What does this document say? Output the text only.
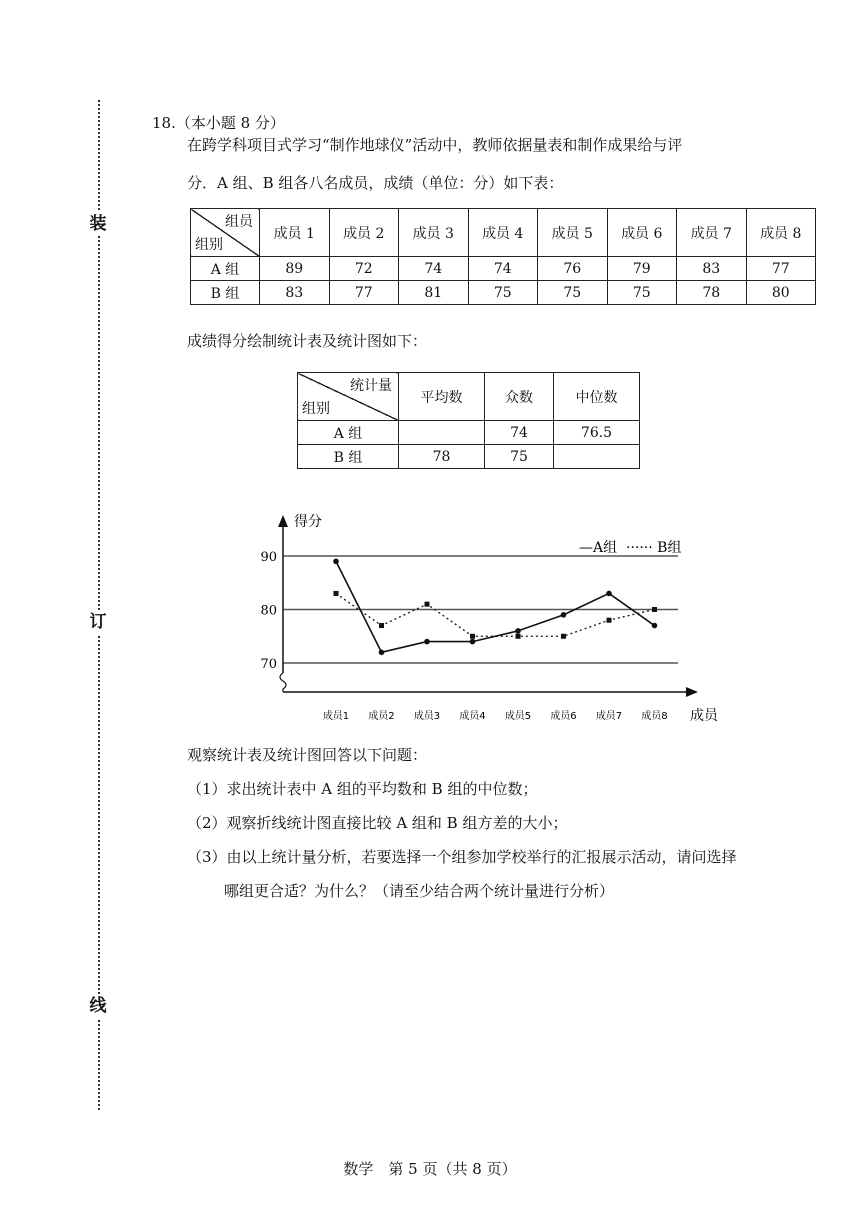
装
订
线
18.（本小题 8 分）
在跨学科项目式学习“制作地球仪”活动中，教师依据量表和制作成果给与评
分．A 组、B 组各八名成员，成绩（单位：分）如下表：
组员
组别	成员 1	成员 2	成员 3	成员 4	成员 5	成员 6	成员 7	成员 8
A 组	89	72	74	74	76	79	83	77
B 组	83	77	81	75	75	75	78	80
成绩得分绘制统计表及统计图如下：
统计量
组别	平均数	众数	中位数
A 组		74	76.5
B 组	78	75	
70
80
90
得分
成员
成员1 成员2 成员3 成员4 成员5 成员6 成员7 成员8
—A组 ······ B组
观察统计表及统计图回答以下问题：
（1）求出统计表中 A 组的平均数和 B 组的中位数；
（2）观察折线统计图直接比较 A 组和 B 组方差的大小；
（3）由以上统计量分析，若要选择一个组参加学校举行的汇报展示活动，请问选择
哪组更合适？为什么？（请至少结合两个统计量进行分析）
数学　第 5 页（共 8 页）
